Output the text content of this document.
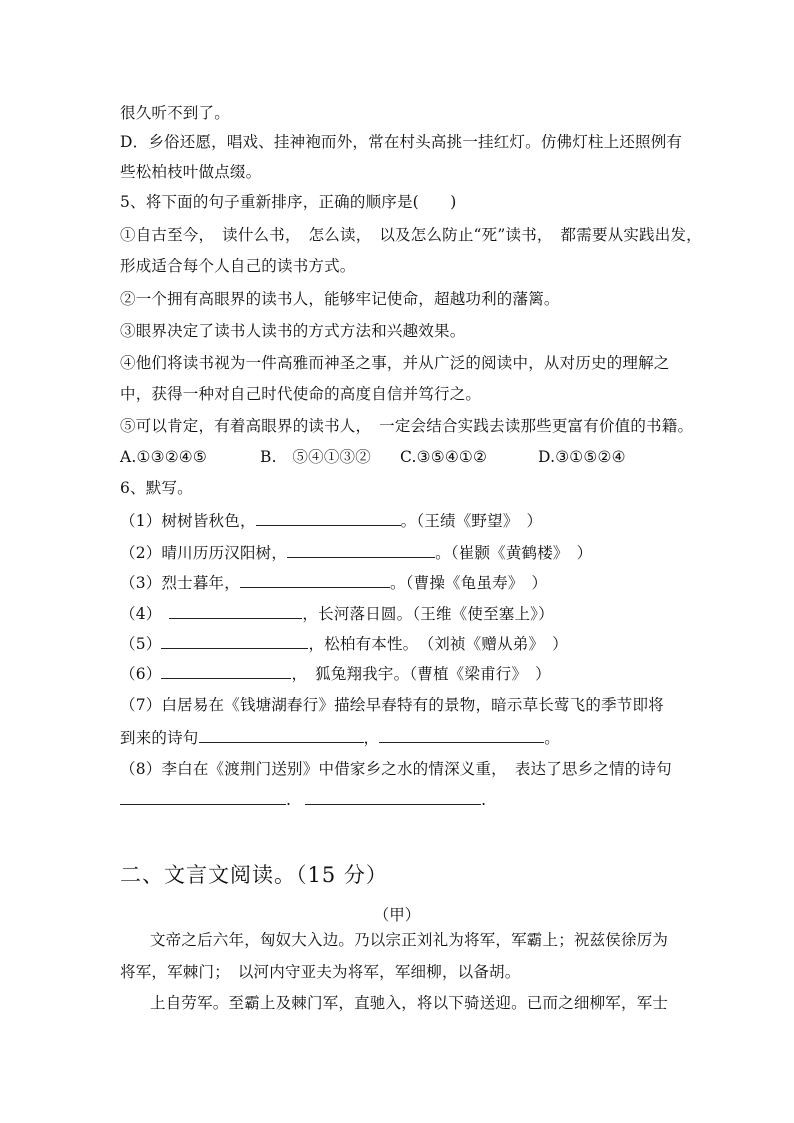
很久听不到了。
D．乡俗还愿，唱戏、挂神袍而外，常在村头高挑一挂红灯。仿佛灯柱上还照例有
些松柏枝叶做点缀。
5、将下面的句子重新排序，正确的顺序是(　　)
①自古至今，　读什么书，　怎么读，　以及怎么防止“死”读书，　都需要从实践出发，
形成适合每个人自己的读书方式。
②一个拥有高眼界的读书人，能够牢记使命，超越功利的藩篱。
③眼界决定了读书人读书的方式方法和兴趣效果。
④他们将读书视为一件高雅而神圣之事，并从广泛的阅读中，从对历史的理解之
中，获得一种对自己时代使命的高度自信并笃行之。
⑤可以肯定，有着高眼界的读书人，　一定会结合实践去读那些更富有价值的书籍。
A.①③②④⑤	B.　⑤④①③② C.③⑤④①②	D.③①⑤②④
6、默写。
（1）树树皆秋色，	。（王绩《野望》　）
（2）晴川历历汉阳树，	。（崔颢《黄鹤楼》　）
（3）烈士暮年，	。（曹操《龟虽寿》　）
（4）　	，长河落日圆。（王维《使至塞上》）
（5）	，松柏有本性。　（刘祯《赠从弟》　）
（6）	，　狐兔翔我宇。（曹植《梁甫行》　）
（7）白居易在《钱塘湖春行》描绘早春特有的景物，暗示草长莺飞的季节即将
到来的诗句	，	。
（8）李白在《渡荆门送别》中借家乡之水的情深义重，　表达了思乡之情的诗句
.	.
二、文言文阅读。（15 分）
（甲）
文帝之后六年，匈奴大入边。乃以宗正刘礼为将军，军霸上；祝兹侯徐厉为
将军，军棘门；　以河内守亚夫为将军，军细柳，以备胡。
上自劳军。至霸上及棘门军，直驰入，将以下骑送迎。已而之细柳军，军士
